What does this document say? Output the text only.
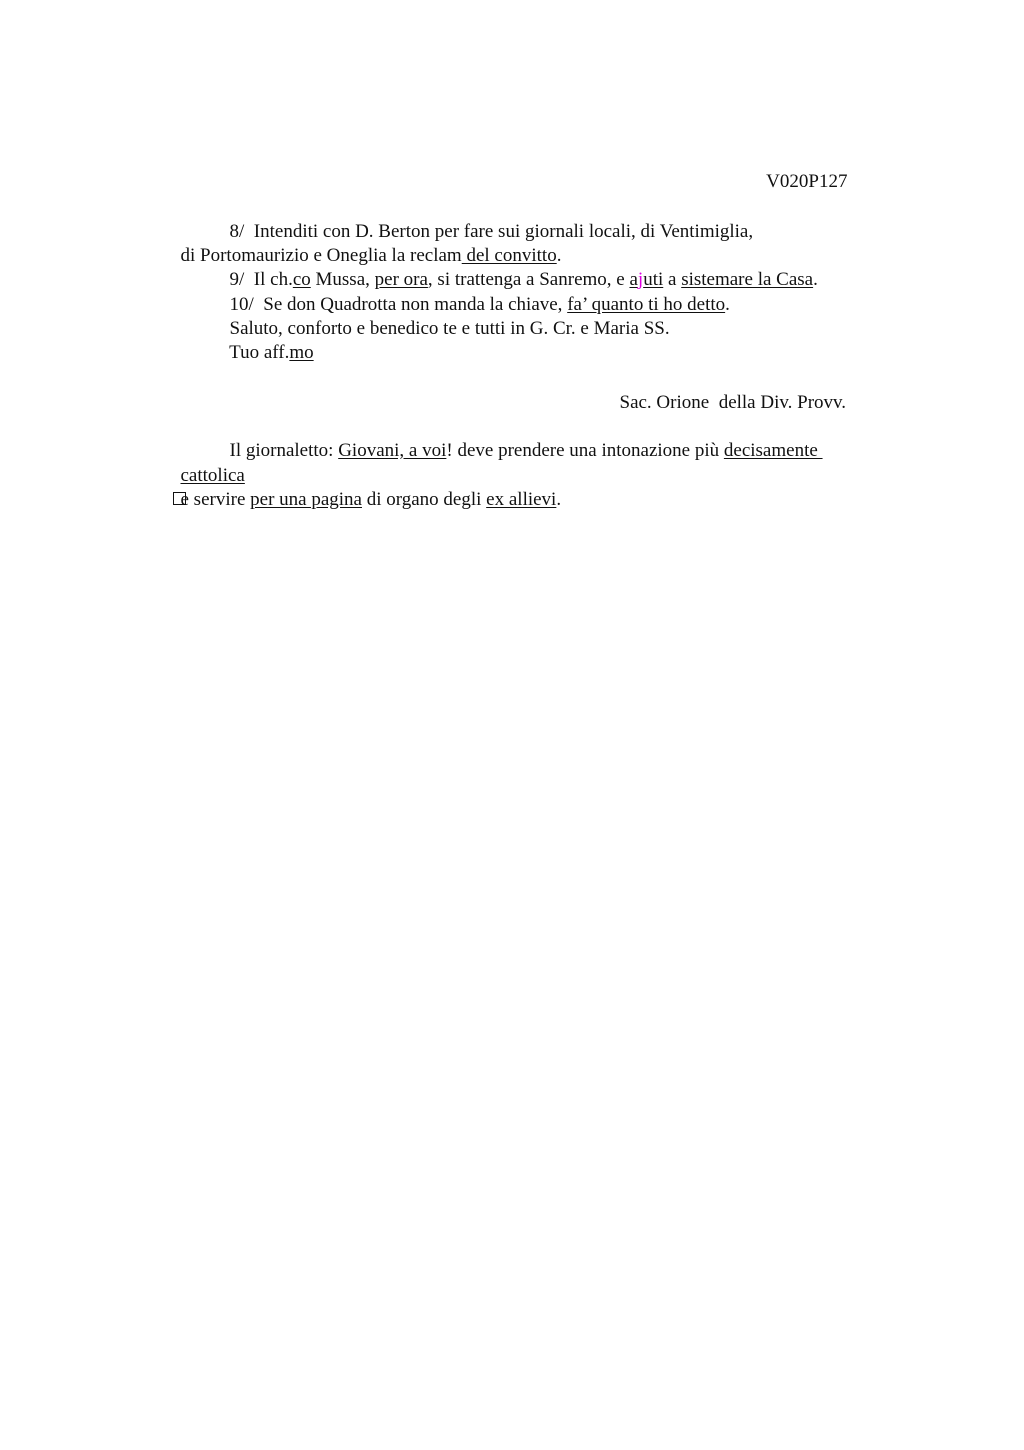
V020P127

8/  Intenditi con D. Berton per fare sui giornali locali, di Ventimiglia,

di Portomaurizio e Oneglia la reclam del convitto.

9/  Il ch.co Mussa, per ora, si trattenga a Sanremo, e ajuti a sistemare la Casa.

10/  Se don Quadrotta non manda la chiave, fa’ quanto ti ho detto.

Saluto, conforto e benedico te e tutti in G. Cr. e Maria SS.

Tuo aff.mo

Sac. Orione  della Div. Provv.

Il giornaletto: Giovani, a voi! deve prendere una intonazione più decisamente

cattolica

e servire per una pagina di organo degli ex allievi.
